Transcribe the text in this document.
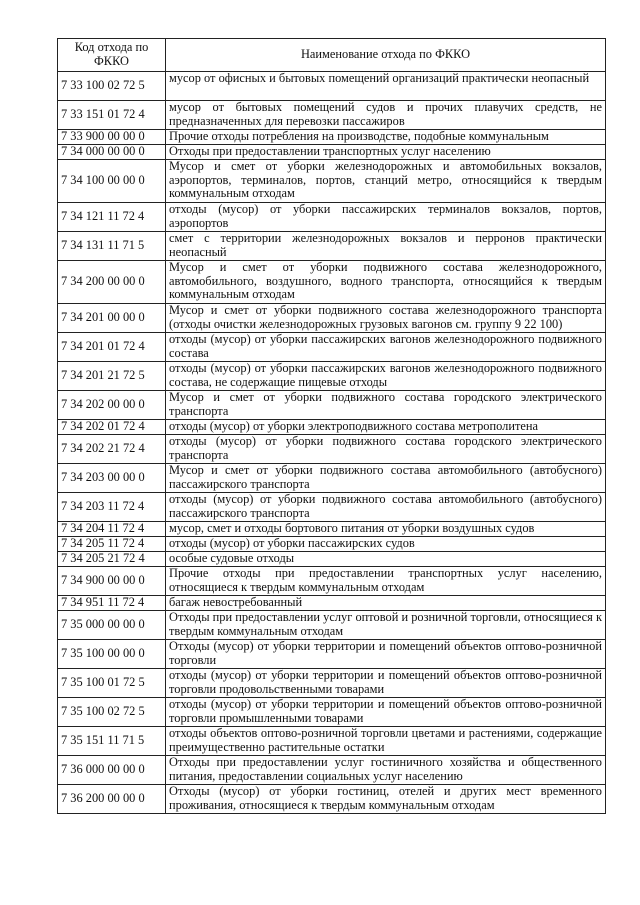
Код отхода по ФККО	Наименование отхода по ФККО
7 33 100 02 72 5	мусор от офисных и бытовых помещений организаций практически неопасный
7 33 151 01 72 4	мусор от бытовых помещений судов и прочих плавучих средств, не предназначенных для перевозки пассажиров
7 33 900 00 00 0	Прочие отходы потребления на производстве, подобные коммунальным
7 34 000 00 00 0	Отходы при предоставлении транспортных услуг населению
7 34 100 00 00 0	Мусор и смет от уборки железнодорожных и автомобильных вокзалов, аэропортов, терминалов, портов, станций метро, относящийся к твердым коммунальным отходам
7 34 121 11 72 4	отходы (мусор) от уборки пассажирских терминалов вокзалов, портов, аэропортов
7 34 131 11 71 5	смет с территории железнодорожных вокзалов и перронов практически неопасный
7 34 200 00 00 0	Мусор и смет от уборки подвижного состава железнодорожного, автомобильного, воздушного, водного транспорта, относящийся к твердым коммунальным отходам
7 34 201 00 00 0	Мусор и смет от уборки подвижного состава железнодорожного транспорта (отходы очистки железнодорожных грузовых вагонов см. группу 9 22 100)
7 34 201 01 72 4	отходы (мусор) от уборки пассажирских вагонов железнодорожного подвижного состава
7 34 201 21 72 5	отходы (мусор) от уборки пассажирских вагонов железнодорожного подвижного состава, не содержащие пищевые отходы
7 34 202 00 00 0	Мусор и смет от уборки подвижного состава городского электрического транспорта
7 34 202 01 72 4	отходы (мусор) от уборки электроподвижного состава метрополитена
7 34 202 21 72 4	отходы (мусор) от уборки подвижного состава городского электрического транспорта
7 34 203 00 00 0	Мусор и смет от уборки подвижного состава автомобильного (автобусного) пассажирского транспорта
7 34 203 11 72 4	отходы (мусор) от уборки подвижного состава автомобильного (автобусного) пассажирского транспорта
7 34 204 11 72 4	мусор, смет и отходы бортового питания от уборки воздушных судов
7 34 205 11 72 4	отходы (мусор) от уборки пассажирских судов
7 34 205 21 72 4	особые судовые отходы
7 34 900 00 00 0	Прочие отходы при предоставлении транспортных услуг населению, относящиеся к твердым коммунальным отходам
7 34 951 11 72 4	багаж невостребованный
7 35 000 00 00 0	Отходы при предоставлении услуг оптовой и розничной торговли, относящиеся к твердым коммунальным отходам
7 35 100 00 00 0	Отходы (мусор) от уборки территории и помещений объектов оптово-розничной торговли
7 35 100 01 72 5	отходы (мусор) от уборки территории и помещений объектов оптово-розничной торговли продовольственными товарами
7 35 100 02 72 5	отходы (мусор) от уборки территории и помещений объектов оптово-розничной торговли промышленными товарами
7 35 151 11 71 5	отходы объектов оптово-розничной торговли цветами и растениями, содержащие преимущественно растительные остатки
7 36 000 00 00 0	Отходы при предоставлении услуг гостиничного хозяйства и общественного питания, предоставлении социальных услуг населению
7 36 200 00 00 0	Отходы (мусор) от уборки гостиниц, отелей и других мест временного проживания, относящиеся к твердым коммунальным отходам
